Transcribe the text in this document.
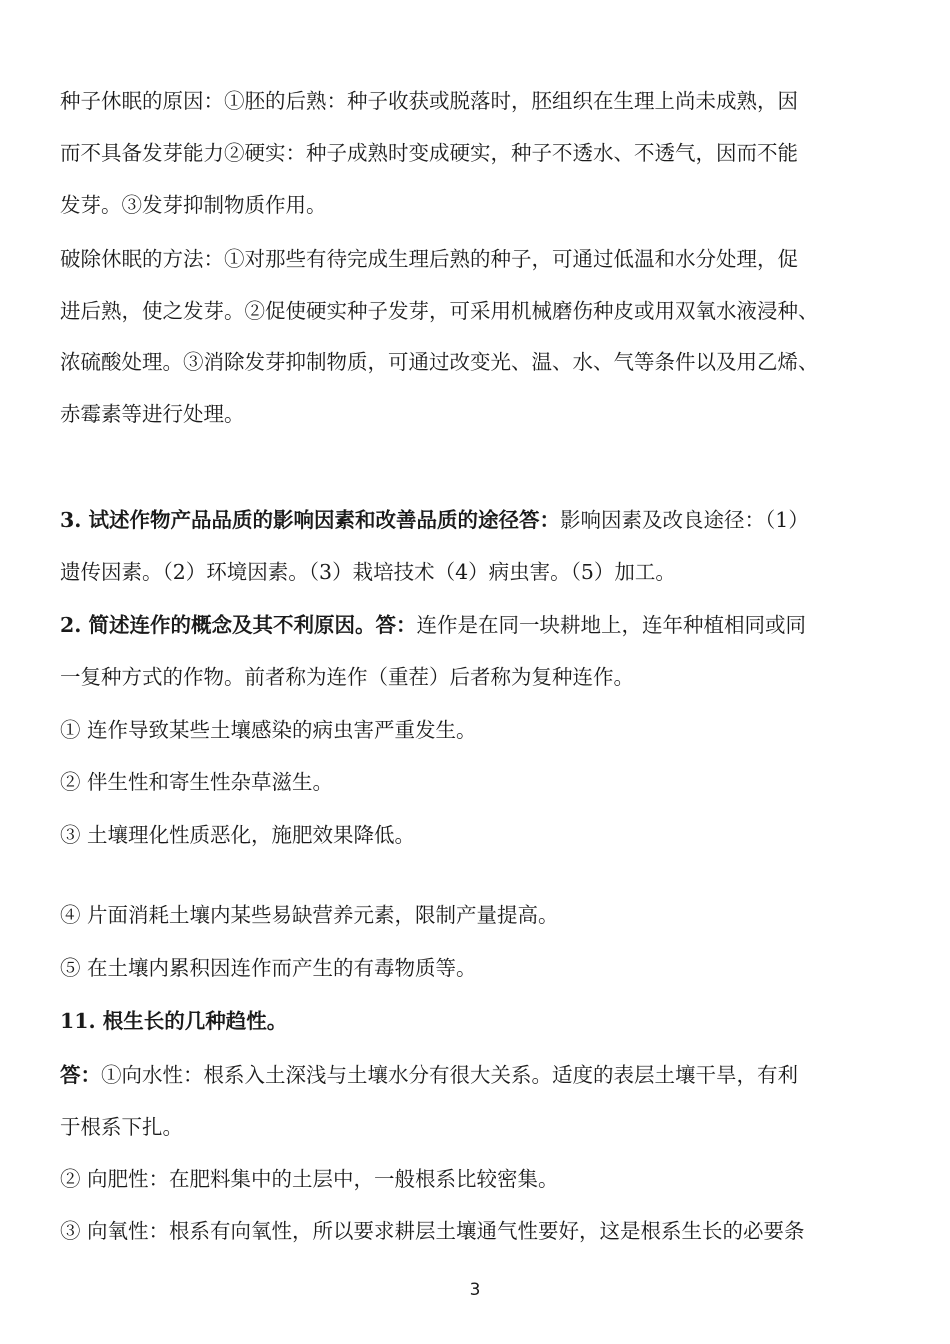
种子休眠的原因：①胚的后熟：种子收获或脱落时，胚组织在生理上尚未成熟，因
而不具备发芽能力②硬实：种子成熟时变成硬实，种子不透水、不透气，因而不能
发芽。③发芽抑制物质作用。
破除休眠的方法：①对那些有待完成生理后熟的种子，可通过低温和水分处理，促
进后熟，使之发芽。②促使硬实种子发芽，可采用机械磨伤种皮或用双氧水液浸种、
浓硫酸处理。③消除发芽抑制物质，可通过改变光、温、水、气等条件以及用乙烯、
赤霉素等进行处理。
3. 试述作物产品品质的影响因素和改善品质的途径答：影响因素及改良途径：（1）
遗传因素。（2）环境因素。（3）栽培技术（4）病虫害。（5）加工。
2. 简述连作的概念及其不利原因。答：连作是在同一块耕地上，连年种植相同或同
一复种方式的作物。前者称为连作（重茬）后者称为复种连作。
① 连作导致某些土壤感染的病虫害严重发生。
② 伴生性和寄生性杂草滋生。
③ 土壤理化性质恶化，施肥效果降低。
④ 片面消耗土壤内某些易缺营养元素，限制产量提高。
⑤ 在土壤内累积因连作而产生的有毒物质等。
11. 根生长的几种趋性。
答：①向水性：根系入土深浅与土壤水分有很大关系。适度的表层土壤干旱，有利
于根系下扎。
② 向肥性：在肥料集中的土层中，一般根系比较密集。
③ 向氧性：根系有向氧性，所以要求耕层土壤通气性要好，这是根系生长的必要条
3
